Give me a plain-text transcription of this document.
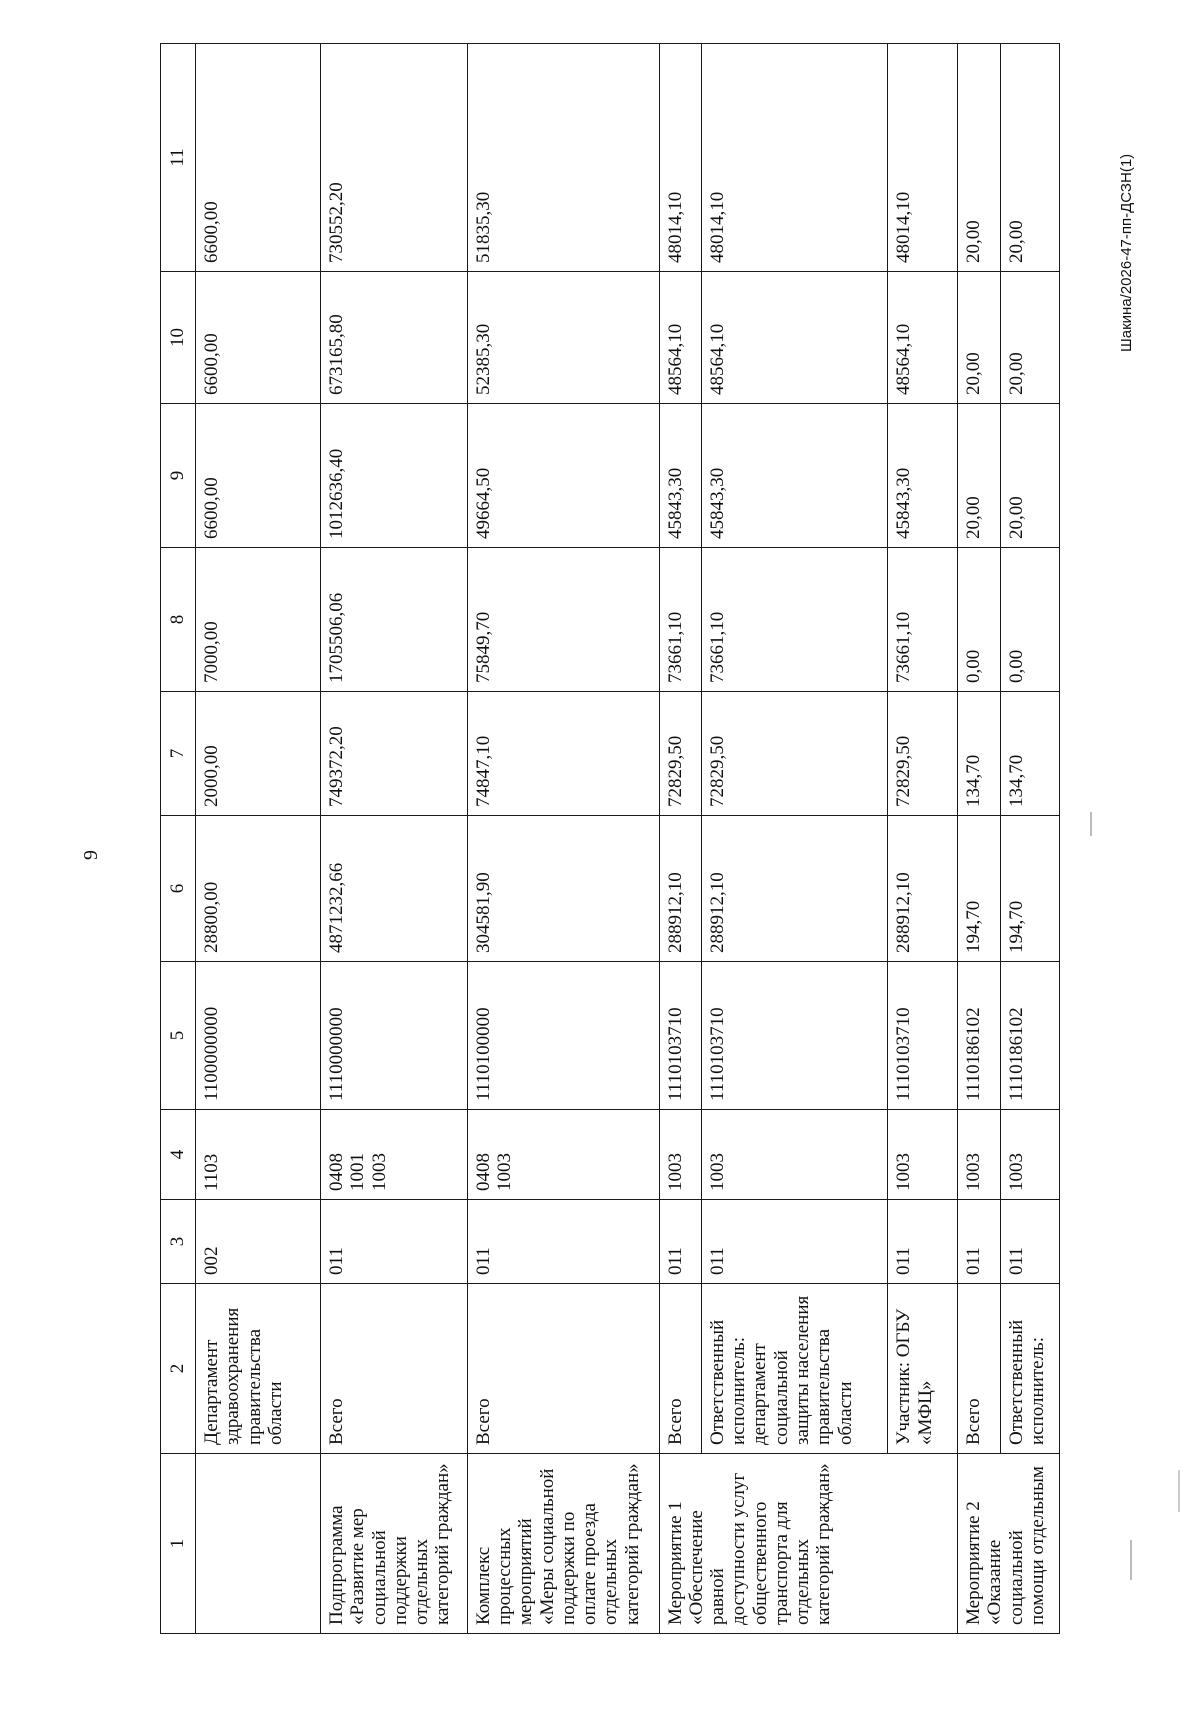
9
Шакина/2026-47-пп-ДСЗН(1)
1	2	3	4	5	6	7	8	9	10	11
	Департамент здравоохранения правительства области	002	1103	1100000000	28800,00	2000,00	7000,00	6600,00	6600,00	6600,00
Подпрограмма «Развитие мер социальной поддержки отдельных категорий граждан»	Всего	011	0408 1001 1003	1110000000	4871232,66	749372,20	1705506,06	1012636,40	673165,80	730552,20
Комплекс процессных мероприятий «Меры социальной поддержки по оплате проезда отдельных категорий граждан»	Всего	011	0408 1003	1110100000	304581,90	74847,10	75849,70	49664,50	52385,30	51835,30
Мероприятие 1 «Обеспечение равной доступности услуг общественного транспорта для отдельных категорий граждан»	Всего	011	1003	1110103710	288912,10	72829,50	73661,10	45843,30	48564,10	48014,10
	Ответственный исполнитель: департамент социальной защиты населения правительства области	011	1003	1110103710	288912,10	72829,50	73661,10	45843,30	48564,10	48014,10
	Участник: ОГБУ «МФЦ»	011	1003	1110103710	288912,10	72829,50	73661,10	45843,30	48564,10	48014,10
Мероприятие 2 «Оказание социальной помощи отдельным	Всего	011	1003	1110186102	194,70	134,70	0,00	20,00	20,00	20,00
	Ответственный исполнитель:	011	1003	1110186102	194,70	134,70	0,00	20,00	20,00	20,00
